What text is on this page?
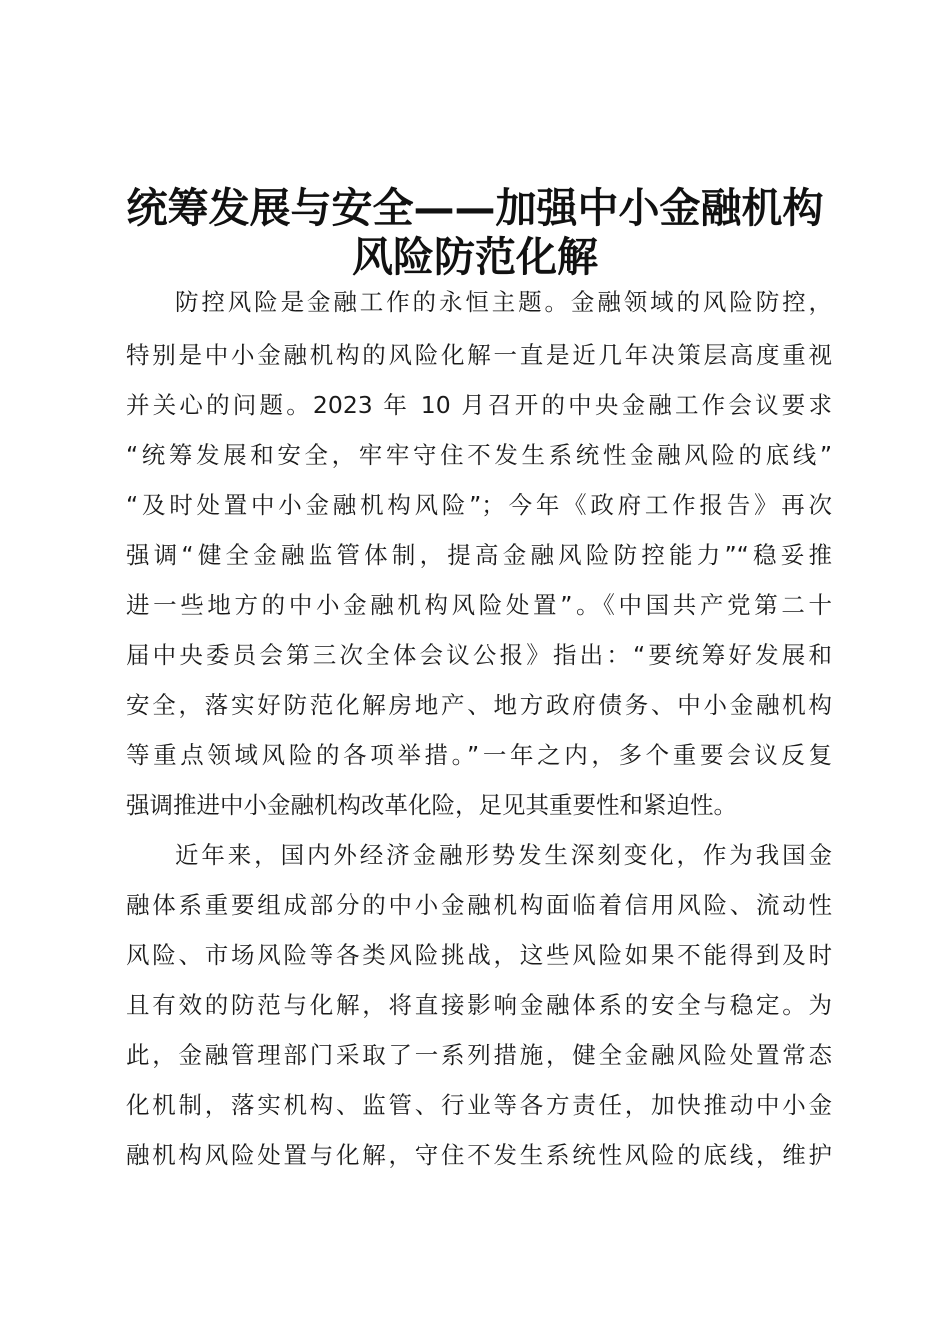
统筹发展与安全——加强中小金融机构
风险防范化解
防控风险是金融工作的永恒主题。金融领域的风险防控，
特别是中小金融机构的风险化解一直是近几年决策层高度重视
并关心的问题。2023 年 10 月召开的中央金融工作会议要求
“统筹发展和安全，牢牢守住不发生系统性金融风险的底线”
“及时处置中小金融机构风险”；今年《政府工作报告》再次
强调“健全金融监管体制，提高金融风险防控能力”“稳妥推
进一些地方的中小金融机构风险处置”。《中国共产党第二十
届中央委员会第三次全体会议公报》指出：“要统筹好发展和
安全，落实好防范化解房地产、地方政府债务、中小金融机构
等重点领域风险的各项举措。”一年之内，多个重要会议反复
强调推进中小金融机构改革化险，足见其重要性和紧迫性。
近年来，国内外经济金融形势发生深刻变化，作为我国金
融体系重要组成部分的中小金融机构面临着信用风险、流动性
风险、市场风险等各类风险挑战，这些风险如果不能得到及时
且有效的防范与化解，将直接影响金融体系的安全与稳定。为
此，金融管理部门采取了一系列措施，健全金融风险处置常态
化机制，落实机构、监管、行业等各方责任，加快推动中小金
融机构风险处置与化解，守住不发生系统性风险的底线，维护
